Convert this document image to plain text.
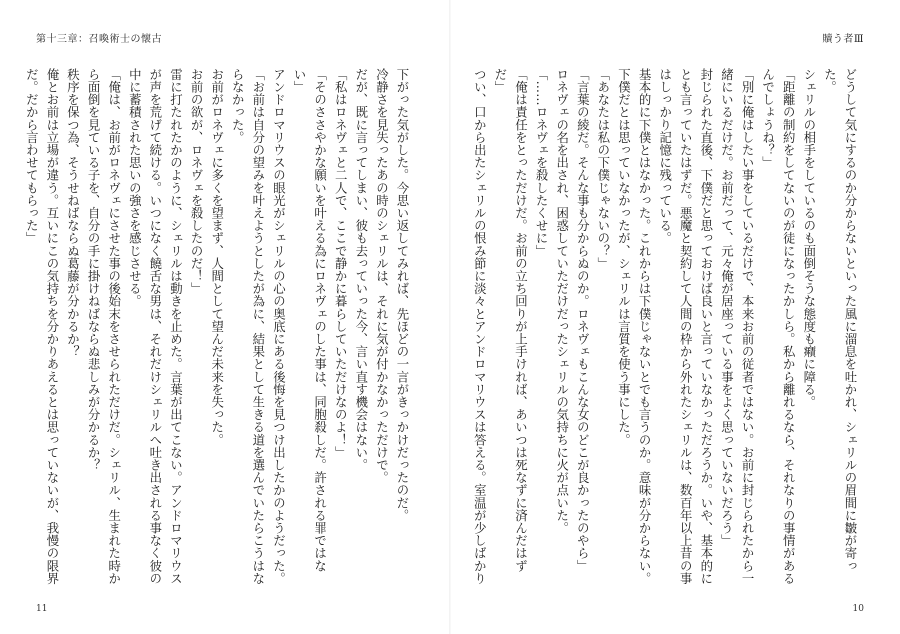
第十三章：召喚術士の懐古

下がった気がした。今思い返してみれば、先ほどの一言がきっかけだったのだ。

冷静さを見失ったあの時のシェリルは、それに気が付かなかっただけで。

だが、既に言ってしまい、彼も去っていった今、言い直す機会はない。

「私はロネヴェと二人で、ここで静かに暮らしていただけなのよ！」

「そのささやかな願いを叶える為にロネヴェのした事は、同胞殺しだ。許される罪ではない」

アンドロマリウスの眼光がシェリルの心の奥底にある後悔を見つけ出したかのようだった。

「お前は自分の望みを叶えようとしたが為に、結果として生きる道を選んでいたらこうはならなかった。

お前がロネヴェに多くを望まず、人間として望んだ未来を失った。

お前の欲が、ロネヴェを殺したのだ！」

雷に打たれたかのように、シェリルは動きを止めた。言葉が出てこない。アンドロマリウスが声を荒げて続ける。いつになく饒舌な男は、それだけシェリルへ吐き出される事なく彼の中に蓄積された思いの強さを感じさせる。

「俺は、お前がロネヴェにさせた事の後始末をさせられただけだ。シェリル、生まれた時から面倒を見ている子を、自分の手に掛けねばならぬ悲しみが分かるか？

秩序を保つ為、そうせねばならぬ葛藤が分かるか？

俺とお前は立場が違う。互いにこの気持ちを分かりあえるとは思っていないが、我慢の限界だ。だから言わせてもらった」

11
贖う者Ⅲ

どうして気にするのか分からないといった風に溜息を吐かれ、シェリルの眉間に皺が寄った。

シェリルの相手をしているのも面倒そうな態度も癪に障る。

「距離の制約をしてないのが徒になったかしら。私から離れるなら、それなりの事情があるんでしょうね？」

「別に俺はしたい事をしているだけで、本来お前の従者ではない。お前に封じられたから一緒にいるだけだ。お前だって、元々俺が居座っている事をよく思っていないだろう」

封じられた直後、下僕だと思っておけば良いと言っていなかっただろうか。いや、基本的にとも言っていたはずだ。悪魔と契約して人間の枠から外れたシェリルは、数百年以上昔の事はしっかり記憶に残っている。

基本的に下僕とはなかった。これからは下僕じゃないとでも言うのか。意味が分からない。

下僕だとは思っていなかったが、シェリルは言質を使う事にした。

「あなたは私の下僕じゃないの？」

「言葉の綾だ。そんな事も分からぬのか。ロネヴェもこんな女のどこが良かったのやら」

ロネヴェの名を出され、困惑していただけだったシェリルの気持ちに火が点いた。

「……ロネヴェを殺したくせに」

「俺は責任をとっただけだ。お前の立ち回りが上手ければ、あいつは死なずに済んだはずだ」

つい、口から出たシェリルの恨み節に淡々とアンドロマリウスは答える。室温が少しばかり

10
